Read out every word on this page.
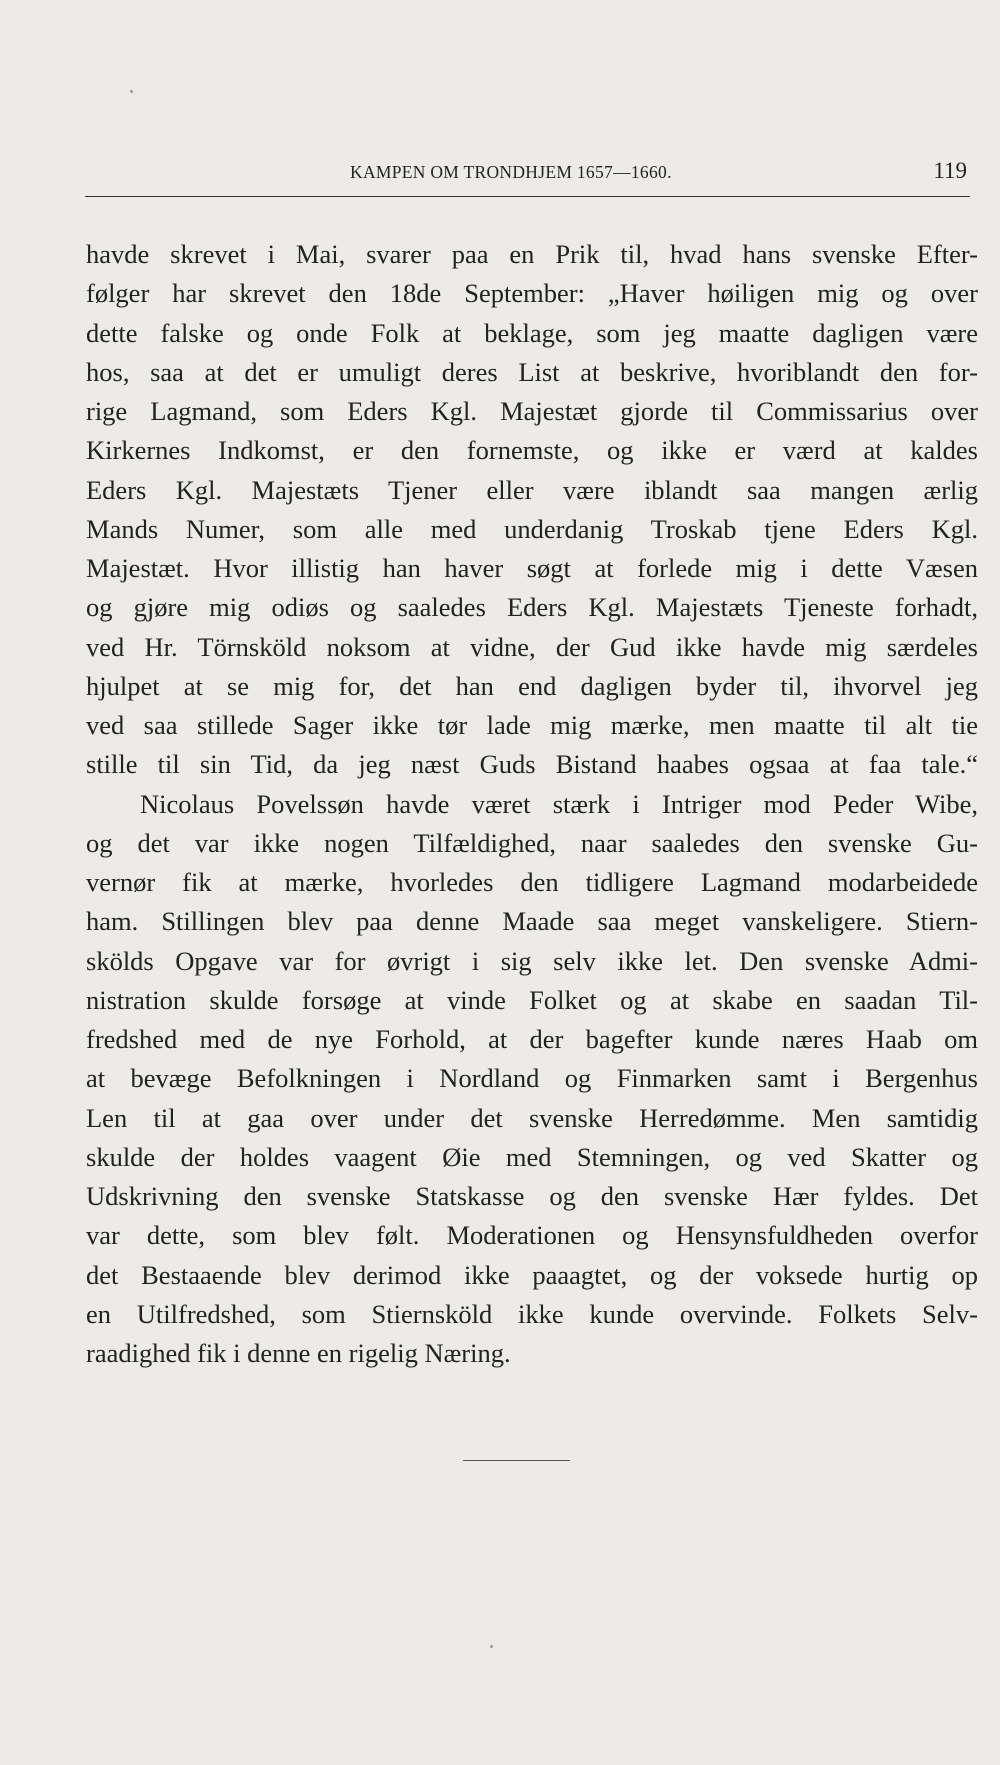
KAMPEN OM TRONDHJEM 1657—1660.	119
havde skrevet i Mai, svarer paa en Prik til, hvad hans svenske Efter-
følger har skrevet den 18de September: „Haver høiligen mig og over
dette falske og onde Folk at beklage, som jeg maatte dagligen være
hos, saa at det er umuligt deres List at beskrive, hvoriblandt den for-
rige Lagmand, som Eders Kgl. Majestæt gjorde til Commissarius over
Kirkernes Indkomst, er den fornemste, og ikke er værd at kaldes
Eders Kgl. Majestæts Tjener eller være iblandt saa mangen ærlig
Mands Numer, som alle med underdanig Troskab tjene Eders Kgl.
Majestæt. Hvor illistig han haver søgt at forlede mig i dette Væsen
og gjøre mig odiøs og saaledes Eders Kgl. Majestæts Tjeneste forhadt,
ved Hr. Törnsköld noksom at vidne, der Gud ikke havde mig særdeles
hjulpet at se mig for, det han end dagligen byder til, ihvorvel jeg
ved saa stillede Sager ikke tør lade mig mærke, men maatte til alt tie
stille til sin Tid, da jeg næst Guds Bistand haabes ogsaa at faa tale.“
Nicolaus Povelssøn havde været stærk i Intriger mod Peder Wibe,
og det var ikke nogen Tilfældighed, naar saaledes den svenske Gu-
vernør fik at mærke, hvorledes den tidligere Lagmand modarbeidede
ham. Stillingen blev paa denne Maade saa meget vanskeligere. Stiern-
skölds Opgave var for øvrigt i sig selv ikke let. Den svenske Admi-
nistration skulde forsøge at vinde Folket og at skabe en saadan Til-
fredshed med de nye Forhold, at der bagefter kunde næres Haab om
at bevæge Befolkningen i Nordland og Finmarken samt i Bergenhus
Len til at gaa over under det svenske Herredømme. Men samtidig
skulde der holdes vaagent Øie med Stemningen, og ved Skatter og
Udskrivning den svenske Statskasse og den svenske Hær fyldes. Det
var dette, som blev følt. Moderationen og Hensynsfuldheden overfor
det Bestaaende blev derimod ikke paaagtet, og der voksede hurtig op
en Utilfredshed, som Stiernsköld ikke kunde overvinde. Folkets Selv-
raadighed fik i denne en rigelig Næring.
